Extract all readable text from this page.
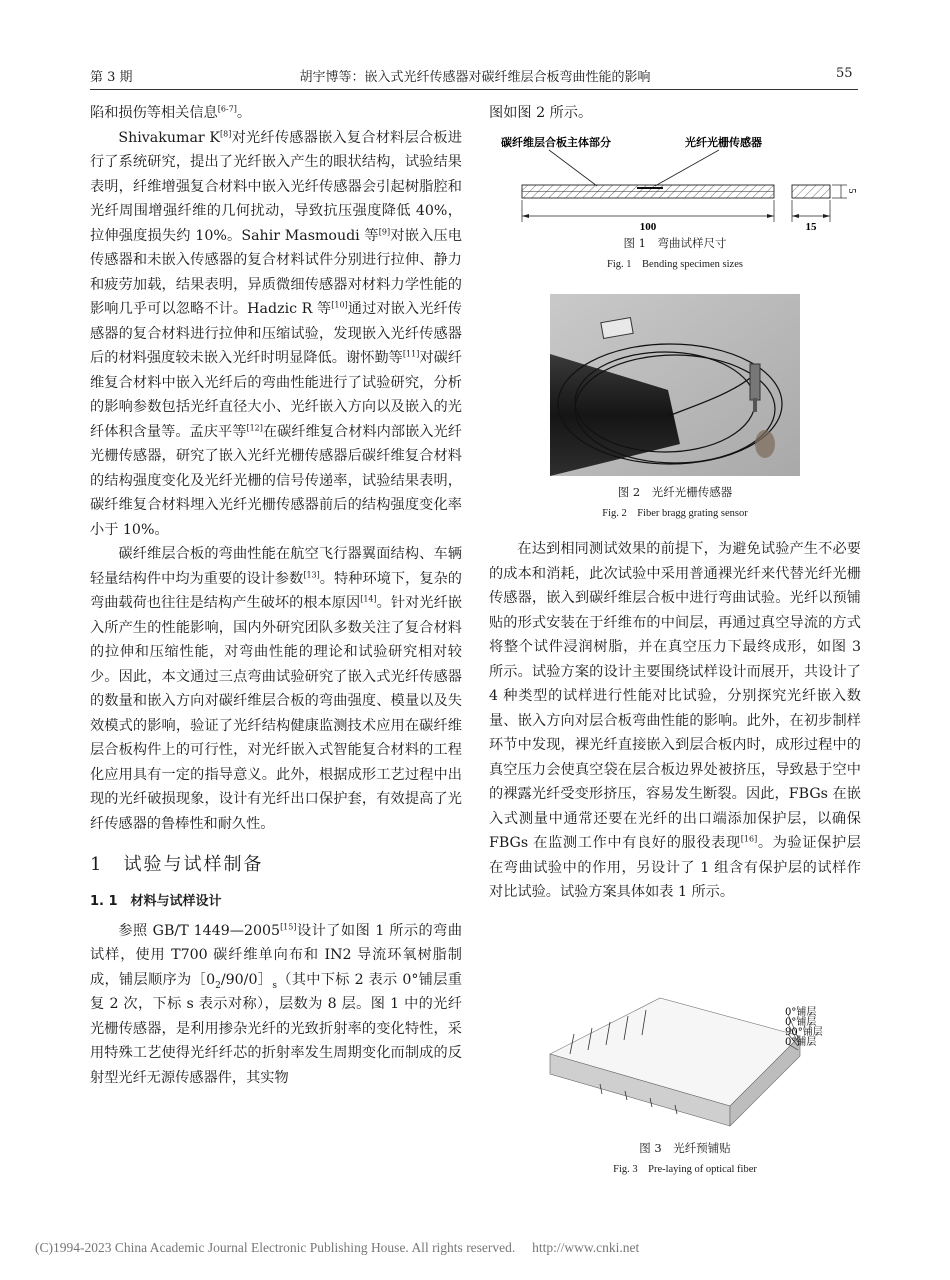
第 3 期	胡宇博等：嵌入式光纤传感器对碳纤维层合板弯曲性能的影响	55

陷和损伤等相关信息[6-7]。

Shivakumar K[8]对光纤传感器嵌入复合材料层合板进行了系统研究，提出了光纤嵌入产生的眼状结构，试验结果表明，纤维增强复合材料中嵌入光纤传感器会引起树脂腔和光纤周围增强纤维的几何扰动，导致抗压强度降低 40%，拉伸强度损失约 10%。Sahir Masmoudi 等[9]对嵌入压电传感器和未嵌入传感器的复合材料试件分别进行拉伸、静力和疲劳加载，结果表明，异质微细传感器对材料力学性能的影响几乎可以忽略不计。Hadzic R 等[10]通过对嵌入光纤传感器的复合材料进行拉伸和压缩试验，发现嵌入光纤传感器后的材料强度较未嵌入光纤时明显降低。谢怀勤等[11]对碳纤维复合材料中嵌入光纤后的弯曲性能进行了试验研究，分析的影响参数包括光纤直径大小、光纤嵌入方向以及嵌入的光纤体积含量等。孟庆平等[12]在碳纤维复合材料内部嵌入光纤光栅传感器，研究了嵌入光纤光栅传感器后碳纤维复合材料的结构强度变化及光纤光栅的信号传递率，试验结果表明，碳纤维复合材料埋入光纤光栅传感器前后的结构强度变化率小于 10%。

碳纤维层合板的弯曲性能在航空飞行器翼面结构、车辆轻量结构件中均为重要的设计参数[13]。特种环境下，复杂的弯曲载荷也往往是结构产生破坏的根本原因[14]。针对光纤嵌入所产生的性能影响，国内外研究团队多数关注了复合材料的拉伸和压缩性能，对弯曲性能的理论和试验研究相对较少。因此，本文通过三点弯曲试验研究了嵌入式光纤传感器的数量和嵌入方向对碳纤维层合板的弯曲强度、模量以及失效模式的影响，验证了光纤结构健康监测技术应用在碳纤维层合板构件上的可行性，对光纤嵌入式智能复合材料的工程化应用具有一定的指导意义。此外，根据成形工艺过程中出现的光纤破损现象，设计有光纤出口保护套，有效提高了光纤传感器的鲁棒性和耐久性。

1　试验与试样制备

1. 1　材料与试样设计

参照 GB/T 1449—2005[15]设计了如图 1 所示的弯曲试样，使用 T700 碳纤维单向布和 IN2 导流环氧树脂制成，铺层顺序为$[0_2/90/0]_s$（其中下标 2 表示 0°铺层重复 2 次，下标 s 表示对称），层数为 8 层。图 1 中的光纤光栅传感器，是利用掺杂光纤的光致折射率的变化特性，采用特殊工艺使得光纤纤芯的折射率发生周期变化而制成的反射型光纤无源传感器件，其实物

图如图 2 所示。

碳纤维层合板主体部分	光纤光栅传感器
100	15
5
图 1　弯曲试样尺寸
Fig. 1　Bending specimen sizes
图 2　光纤光栅传感器
Fig. 2　Fiber bragg grating sensor

在达到相同测试效果的前提下，为避免试验产生不必要的成本和消耗，此次试验中采用普通裸光纤来代替光纤光栅传感器，嵌入到碳纤维层合板中进行弯曲试验。光纤以预铺贴的形式安装在于纤维布的中间层，再通过真空导流的方式将整个试件浸润树脂，并在真空压力下最终成形，如图 3 所示。试验方案的设计主要围绕试样设计而展开，共设计了 4 种类型的试样进行性能对比试验，分别探究光纤嵌入数量、嵌入方向对层合板弯曲性能的影响。此外，在初步制样环节中发现，裸光纤直接嵌入到层合板内时，成形过程中的真空压力会使真空袋在层合板边界处被挤压，导致悬于空中的裸露光纤受变形挤压，容易发生断裂。因此，FBGs 在嵌入式测量中通常还要在光纤的出口端添加保护层，以确保 FBGs 在监测工作中有良好的服役表现[16]。为验证保护层在弯曲试验中的作用，另设计了 1 组含有保护层的试样作对比试验。试验方案具体如表 1 所示。

0°铺层
0°铺层
90°铺层
0°铺层
图 3　光纤预铺贴
Fig. 3　Pre-laying of optical fiber
(C)1994-2023 China Academic Journal Electronic Publishing House. All rights reserved.　 http://www.cnki.net
